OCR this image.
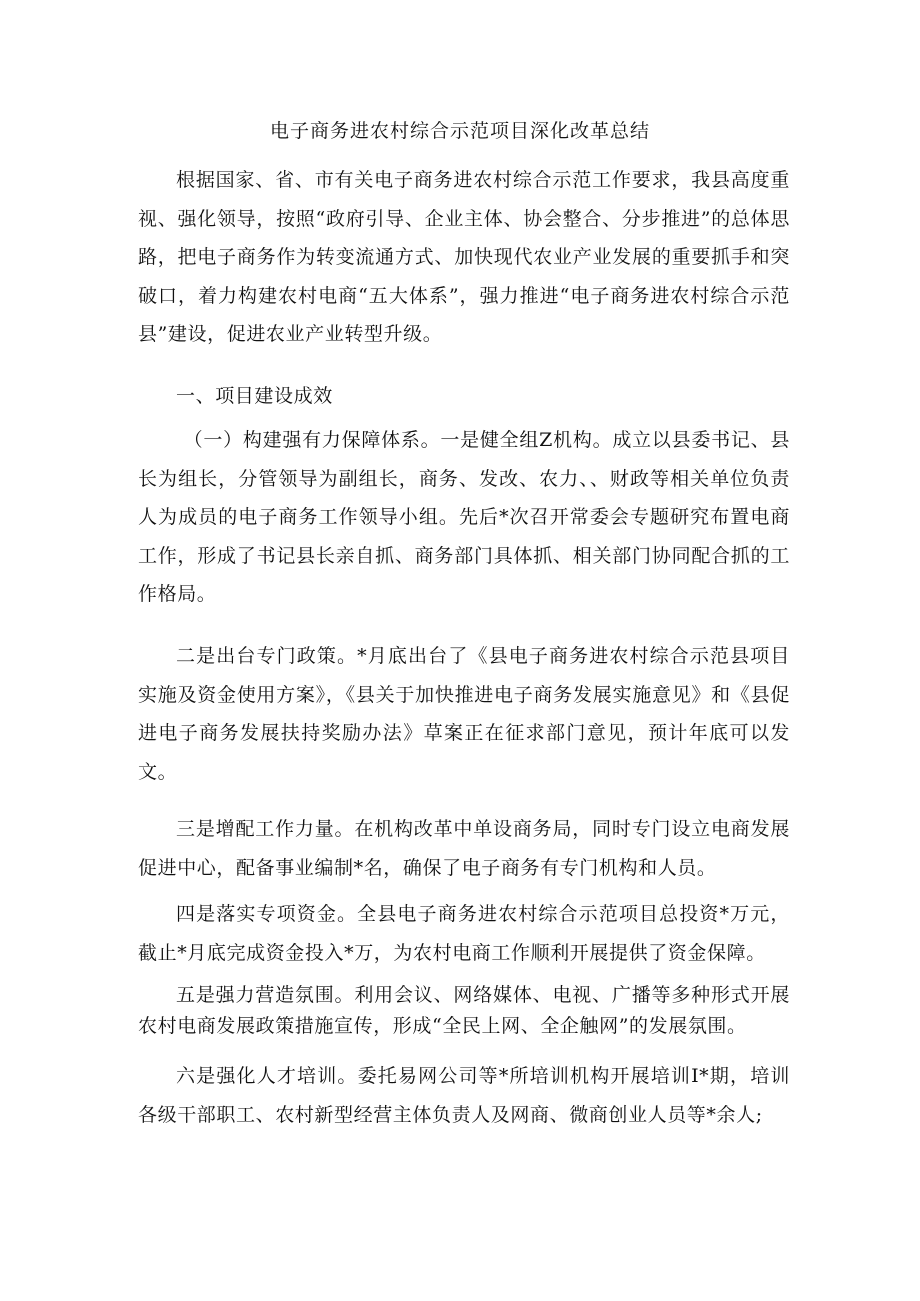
电子商务进农村综合示范项目深化改革总结

根据国家、省、市有关电子商务进农村综合示范工作要求，我县高度重视、强化领导，按照“政府引导、企业主体、协会整合、分步推进”的总体思路，把电子商务作为转变流通方式、加快现代农业产业发展的重要抓手和突破口，着力构建农村电商“五大体系”，强力推进“电子商务进农村综合示范县”建设，促进农业产业转型升级。

一、项目建设成效

（一）构建强有力保障体系。一是健全组Z机构。成立以县委书记、县长为组长，分管领导为副组长，商务、发改、农力、、财政等相关单位负责人为成员的电子商务工作领导小组。先后*次召开常委会专题研究布置电商工作，形成了书记县长亲自抓、商务部门具体抓、相关部门协同配合抓的工作格局。

二是出台专门政策。*月底出台了《县电子商务进农村综合示范县项目实施及资金使用方案》，《县关于加快推进电子商务发展实施意见》和《县促进电子商务发展扶持奖励办法》草案正在征求部门意见，预计年底可以发文。

三是增配工作力量。在机构改革中单设商务局，同时专门设立电商发展促进中心，配备事业编制*名，确保了电子商务有专门机构和人员。

四是落实专项资金。全县电子商务进农村综合示范项目总投资*万元，截止*月底完成资金投入*万，为农村电商工作顺利开展提供了资金保障。

五是强力营造氛围。利用会议、网络媒体、电视、广播等多种形式开展农村电商发展政策措施宣传，形成“全民上网、全企触网”的发展氛围。

六是强化人才培训。委托易网公司等*所培训机构开展培训I*期，培训各级干部职工、农村新型经营主体负责人及网商、微商创业人员等*余人;
